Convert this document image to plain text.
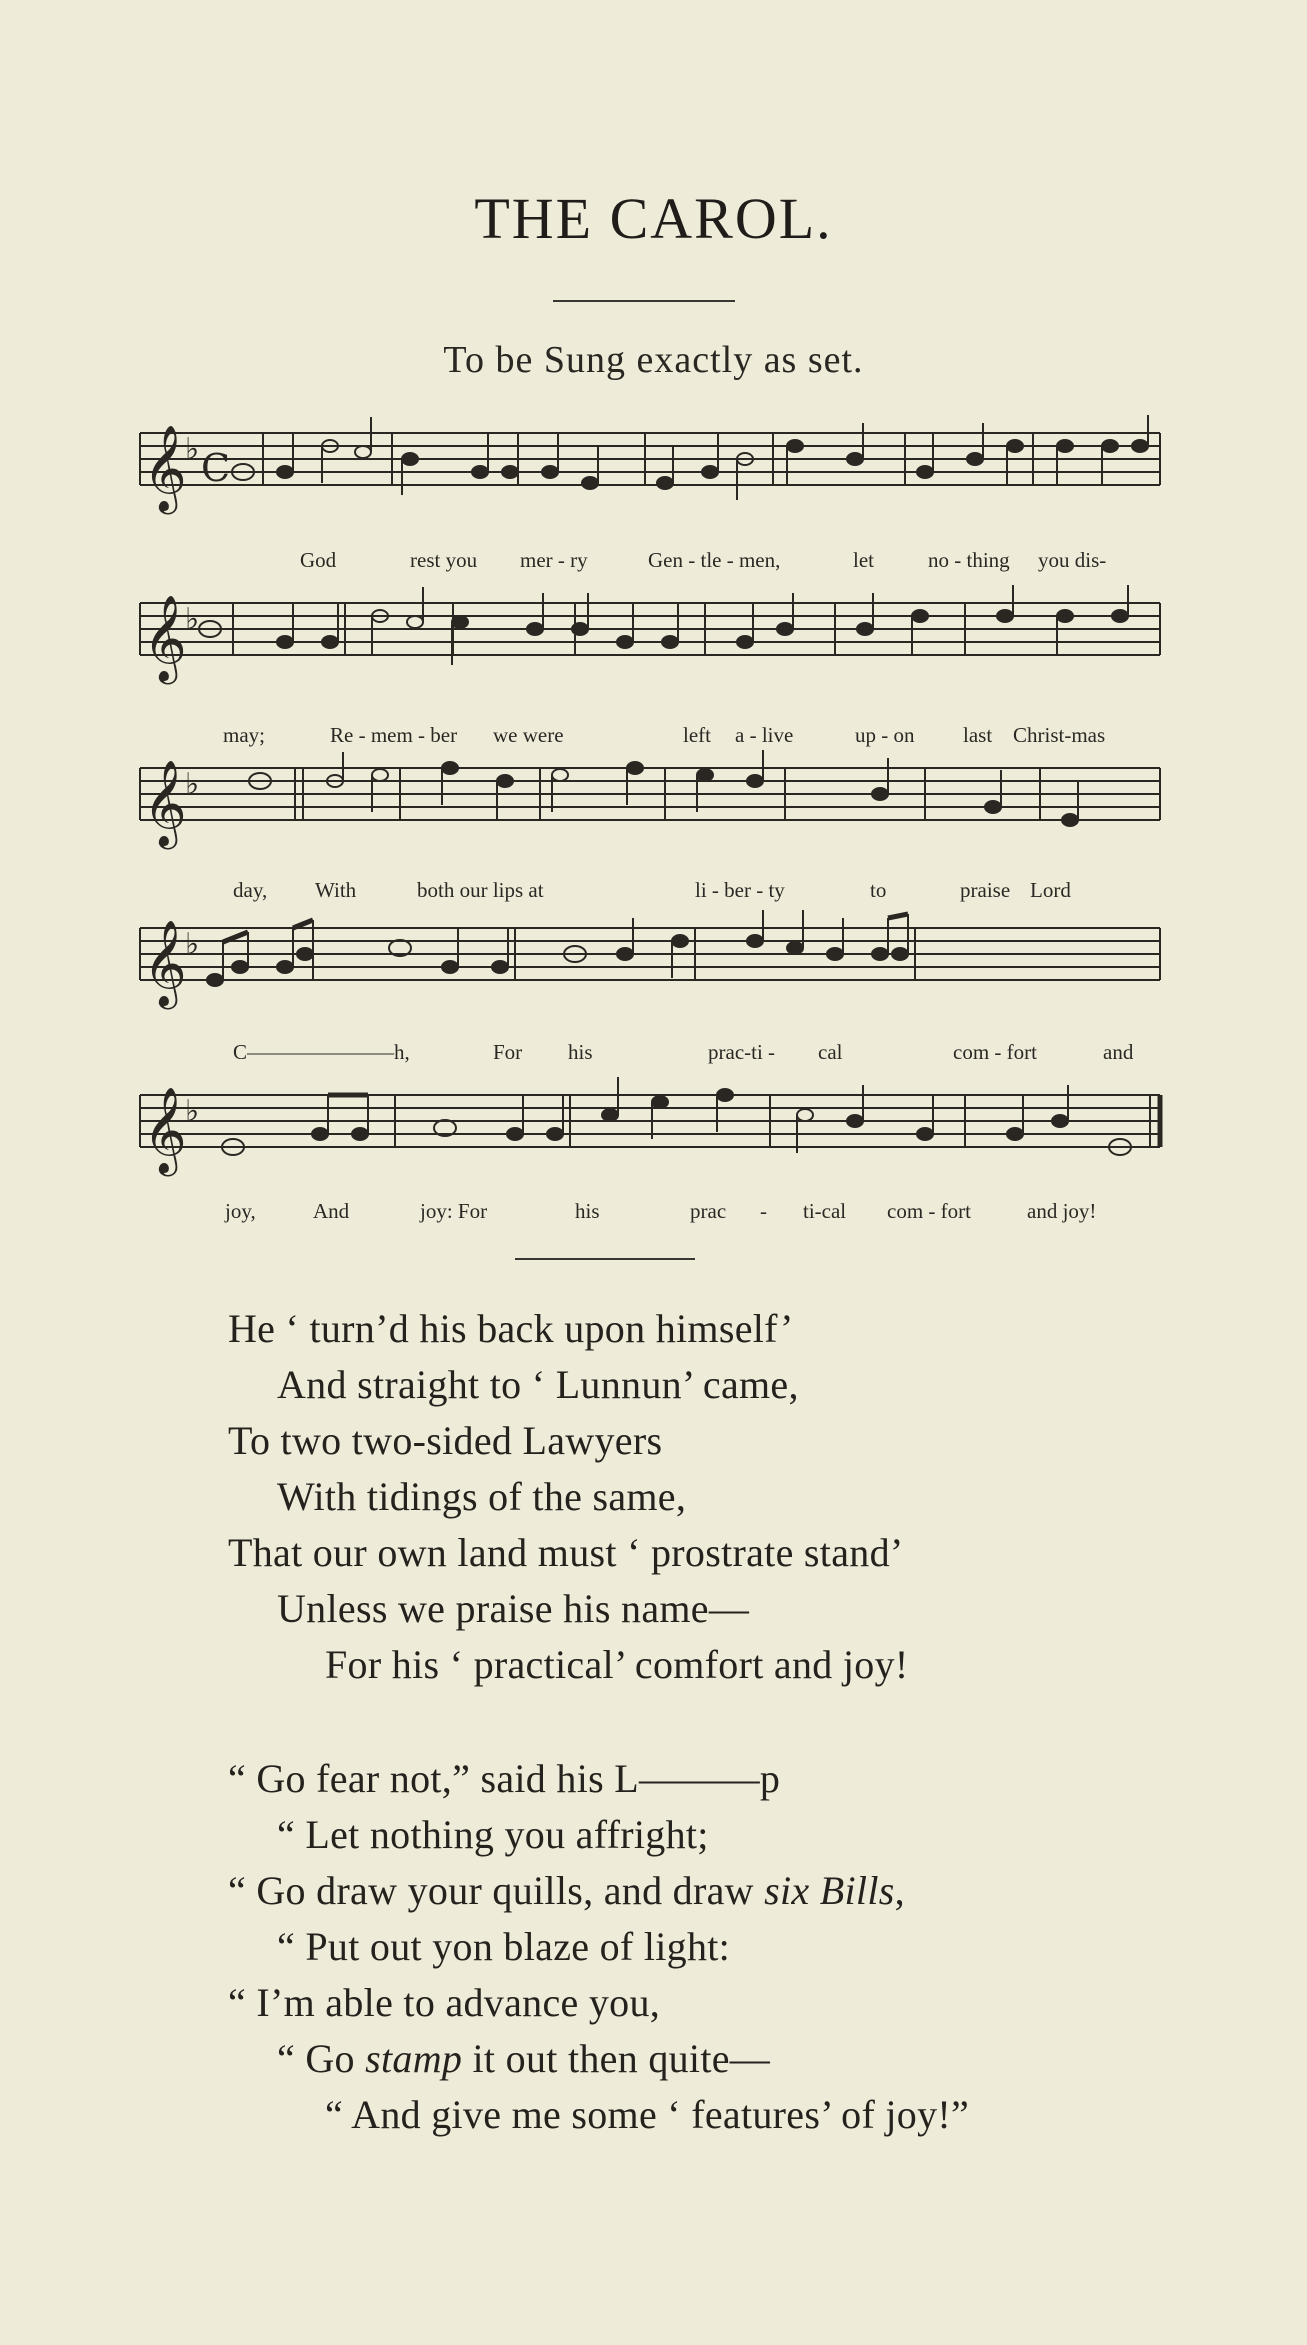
THE CAROL.
To be Sung exactly as set.
𝄞
♭ C
God	rest you mer - ry	Gen - tle - men,	let	no - thing you dis-
𝄞
♭
may;	Re - mem - ber we were	left a - live	up - on last Christ-mas
𝄞
♭
day, With	both our lips at	li - ber - ty	to	praise Lord
𝄞
♭
C———————h,	For his	prac-ti - cal	com - fort	and
𝄞
♭
joy,	And	joy: For	his	prac - ti-cal com - fort	and joy!
He ‘ turn’d his back upon himself’
And straight to ‘ Lunnun’ came,
To two two-sided Lawyers
With tidings of the same,
That our own land must ‘ prostrate stand’
Unless we praise his name—
For his ‘ practical’ comfort and joy!
“ Go fear not,” said his L———p
“ Let nothing you affright;
“ Go draw your quills, and draw six Bills,
“ Put out yon blaze of light:
“ I’m able to advance you,
“ Go stamp it out then quite—
“ And give me some ‘ features’ of joy!”
